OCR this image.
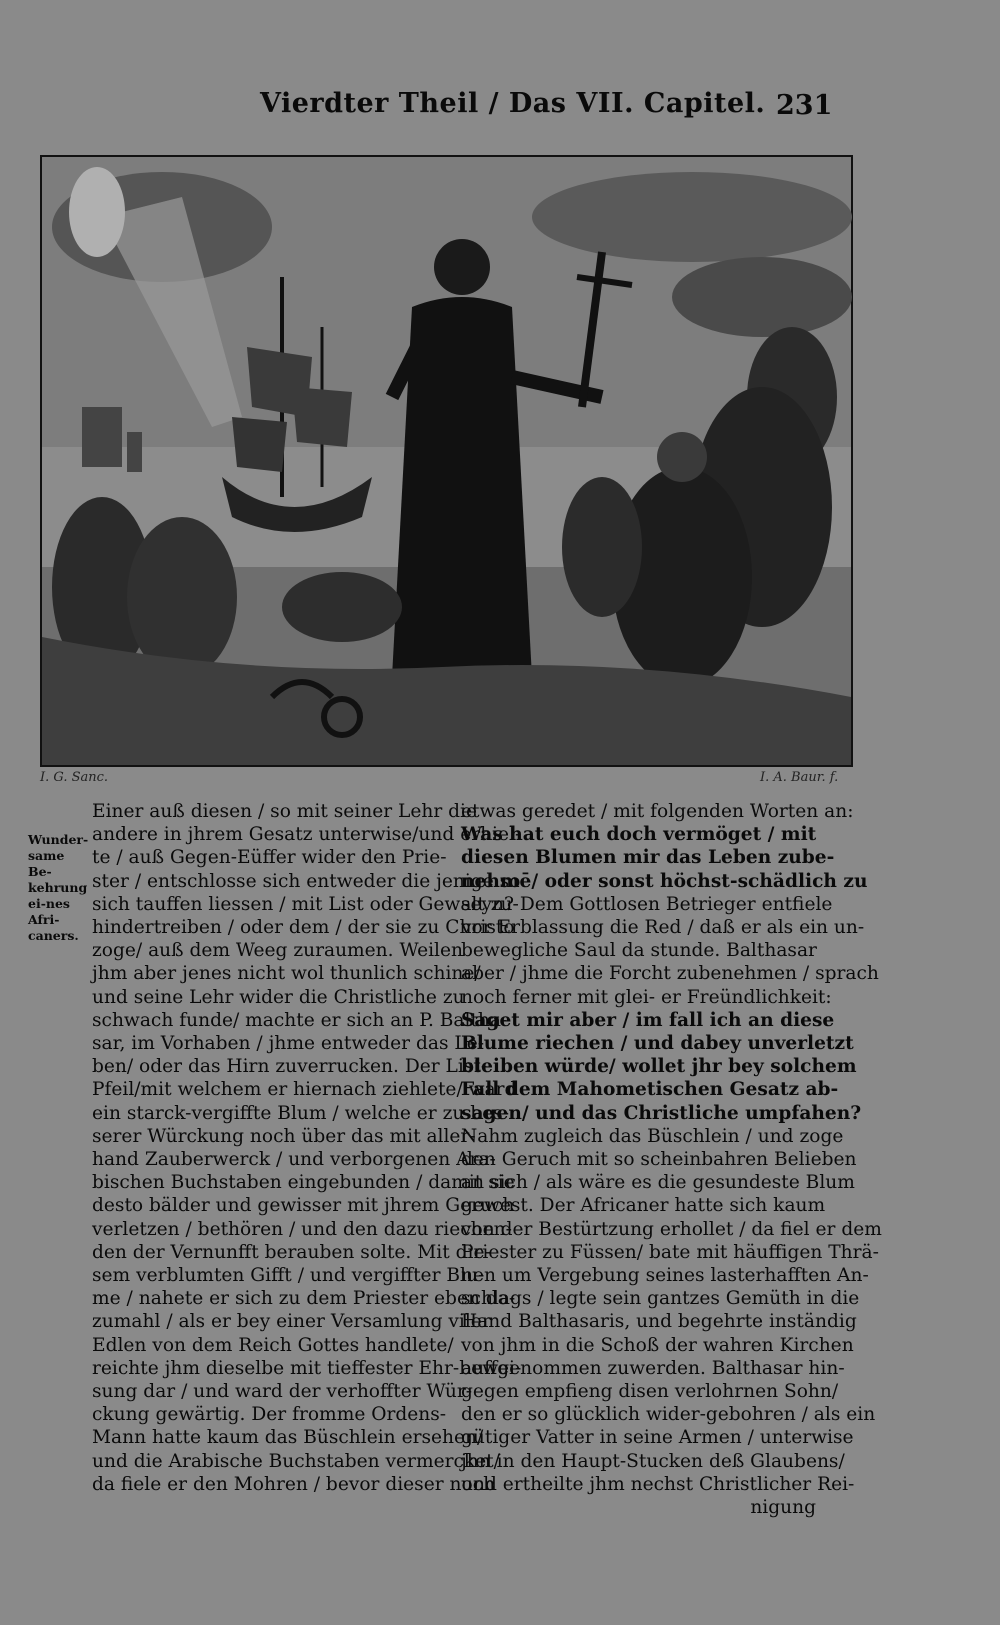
Vierdter Theil / Das VII. Capitel. 231
I. G. Sanc.	I. A. Baur. f.
Wunder-same Be-kehrung ei-nes Afri-caners.
Einer auß diesen / so mit seiner Lehr die
andere in jhrem Gesatz unterwise/und erhiel-
te / auß Gegen-Eüffer wider den Prie-
ster / entschlosse sich entweder die jenige so
sich tauffen liessen / mit List oder Gewalt zu-
hindertreiben / oder dem / der sie zu Christo
zoge/ auß dem Weeg zuraumen. Weilen
jhm aber jenes nicht wol thunlich schine/
und seine Lehr wider die Christliche zu
schwach funde/ machte er sich an P. Baltha-
sar, im Vorhaben / jhme entweder das Le-
ben/ oder das Hirn zuverrucken. Der List-
Pfeil/mit welchem er hiernach ziehlete/ ward
ein starck-vergiffte Blum / welche er zu bes-
serer Würckung noch über das mit aller-
hand Zauberwerck / und verborgenen Ara-
bischen Buchstaben eingebunden / damit sie
desto bälder und gewisser mit jhrem Geruch
verletzen / bethören / und den dazu riechen-
den der Vernunfft berauben solte. Mit die-
sem verblumten Gifft / und vergiffter Blu-
me / nahete er sich zu dem Priester eben da-
zumahl / als er bey einer Versamlung viler
Edlen von dem Reich Gottes handlete/
reichte jhm dieselbe mit tieffester Ehr-bewei-
sung dar / und ward der verhoffter Wür-
ckung gewärtig. Der fromme Ordens-
Mann hatte kaum das Büschlein ersehen/
und die Arabische Buchstaben vermercket/
da fiele er den Mohren / bevor dieser noch
etwas geredet / mit folgenden Worten an:
Was hat euch doch vermöget / mit
diesen Blumen mir das Leben zube-
nehmē/ oder sonst höchst-schädlich zu
seyn? Dem Gottlosen Betrieger entfiele
vor Erblassung die Red / daß er als ein un-
bewegliche Saul da stunde. Balthasar
aber / jhme die Forcht zubenehmen / sprach
noch ferner mit glei- er Freündlichkeit:
Saget mir aber / im fall ich an diese
Blume riechen / und dabey unverletzt
bleiben würde/ wollet jhr bey solchem
Fall dem Mahometischen Gesatz ab-
sagen/ und das Christliche umpfahen?
Nahm zugleich das Büschlein / und zoge
den Geruch mit so scheinbahren Belieben
an sich / als wäre es die gesundeste Blum
gewest. Der Africaner hatte sich kaum
von der Bestürtzung erhollet / da fiel er dem
Priester zu Füssen/ bate mit häuffigen Thrä-
nen um Vergebung seines lasterhafften An-
schlags / legte sein gantzes Gemüth in die
Hand Balthasaris, und begehrte inständig
von jhm in die Schoß der wahren Kirchen
auffgenommen zuwerden. Balthasar hin-
gegen empfieng disen verlohrnen Sohn/
den er so glücklich wider-gebohren / als ein
gütiger Vatter in seine Armen / unterwise
jhn in den Haupt-Stucken deß Glaubens/
und ertheilte jhm nechst Christlicher Rei-
nigung
